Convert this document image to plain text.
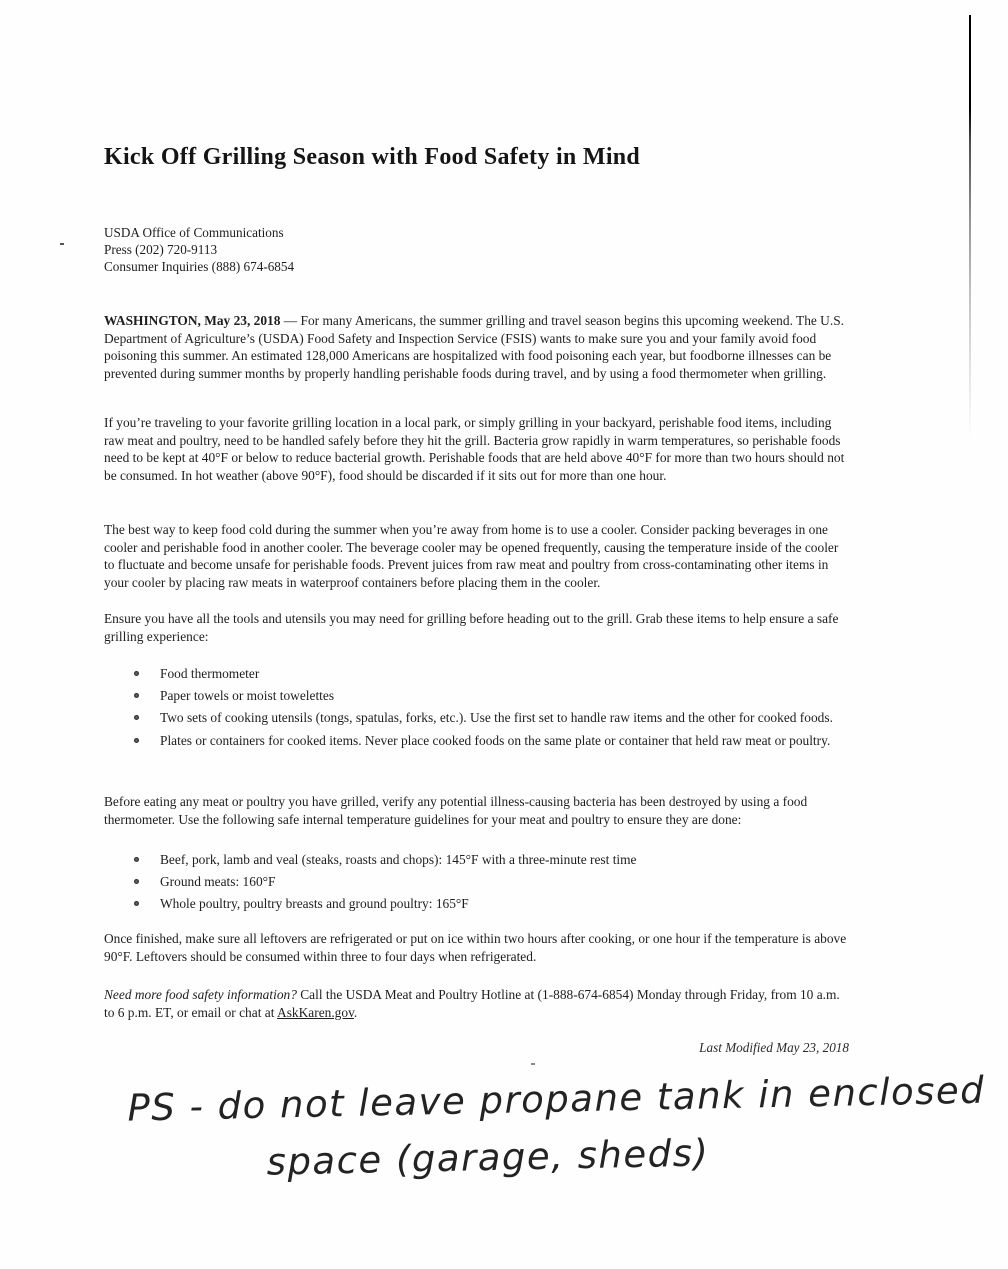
Kick Off Grilling Season with Food Safety in Mind
USDA Office of Communications
Press (202) 720-9113
Consumer Inquiries (888) 674-6854

WASHINGTON, May 23, 2018 — For many Americans, the summer grilling and travel season begins this upcoming weekend. The U.S. Department of Agriculture’s (USDA) Food Safety and Inspection Service (FSIS) wants to make sure you and your family avoid food poisoning this summer. An estimated 128,000 Americans are hospitalized with food poisoning each year, but foodborne illnesses can be prevented during summer months by properly handling perishable foods during travel, and by using a food thermometer when grilling.

If you’re traveling to your favorite grilling location in a local park, or simply grilling in your backyard, perishable food items, including raw meat and poultry, need to be handled safely before they hit the grill. Bacteria grow rapidly in warm temperatures, so perishable foods need to be kept at 40°F or below to reduce bacterial growth. Perishable foods that are held above 40°F for more than two hours should not be consumed. In hot weather (above 90°F), food should be discarded if it sits out for more than one hour.

The best way to keep food cold during the summer when you’re away from home is to use a cooler. Consider packing beverages in one cooler and perishable food in another cooler. The beverage cooler may be opened frequently, causing the temperature inside of the cooler to fluctuate and become unsafe for perishable foods. Prevent juices from raw meat and poultry from cross-contaminating other items in your cooler by placing raw meats in waterproof containers before placing them in the cooler.

Ensure you have all the tools and utensils you may need for grilling before heading out to the grill. Grab these items to help ensure a safe grilling experience:

Food thermometer
Paper towels or moist towelettes
Two sets of cooking utensils (tongs, spatulas, forks, etc.). Use the first set to handle raw items and the other for cooked foods.
Plates or containers for cooked items. Never place cooked foods on the same plate or container that held raw meat or poultry.

Before eating any meat or poultry you have grilled, verify any potential illness-causing bacteria has been destroyed by using a food thermometer. Use the following safe internal temperature guidelines for your meat and poultry to ensure they are done:

Beef, pork, lamb and veal (steaks, roasts and chops): 145°F with a three-minute rest time
Ground meats: 160°F
Whole poultry, poultry breasts and ground poultry: 165°F

Once finished, make sure all leftovers are refrigerated or put on ice within two hours after cooking, or one hour if the temperature is above 90°F. Leftovers should be consumed within three to four days when refrigerated.

Need more food safety information? Call the USDA Meat and Poultry Hotline at (1-888-674-6854) Monday through Friday, from 10 a.m. to 6 p.m. ET, or email or chat at AskKaren.gov.

Last Modified May 23, 2018
PS - do not leave propane tank in enclosed
space (garage, sheds)
